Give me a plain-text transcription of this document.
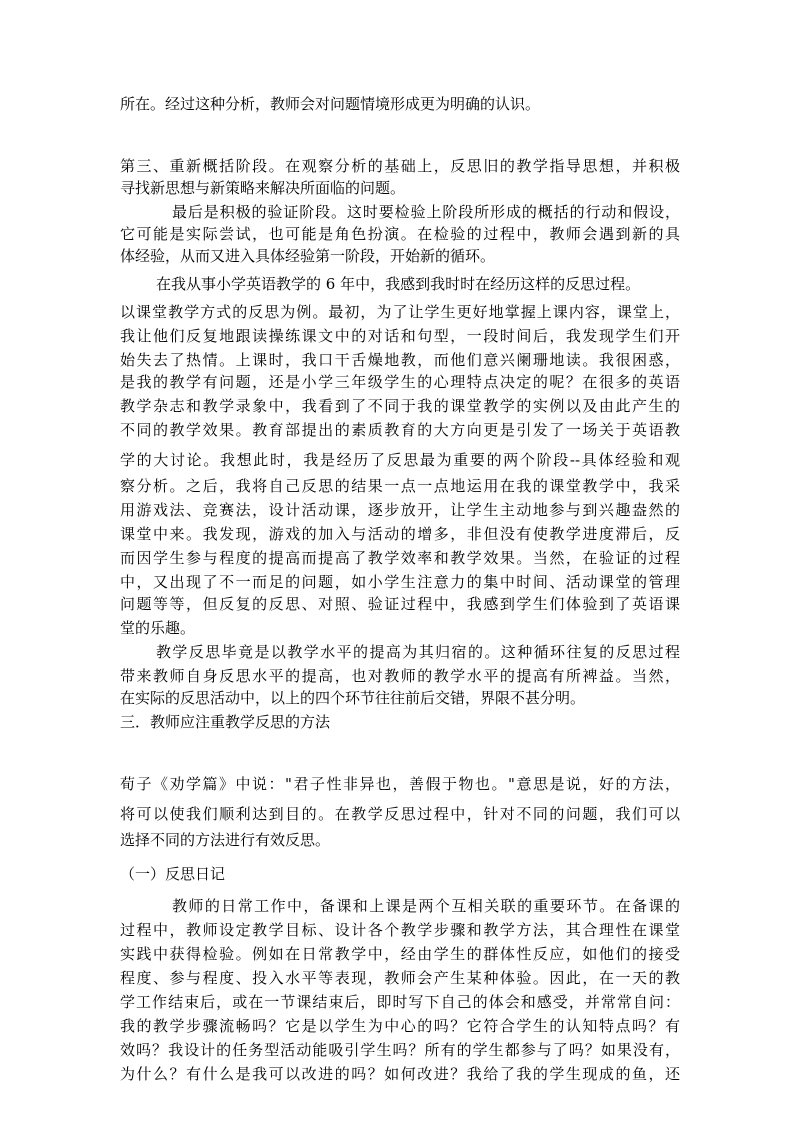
所在。经过这种分析，教师会对问题情境形成更为明确的认识。
第三、重新概括阶段。在观察分析的基础上，反思旧的教学指导思想，并积极
寻找新思想与新策略来解决所面临的问题。
最后是积极的验证阶段。这时要检验上阶段所形成的概括的行动和假设，
它可能是实际尝试，也可能是角色扮演。在检验的过程中，教师会遇到新的具
体经验，从而又进入具体经验第一阶段，开始新的循环。
在我从事小学英语教学的 6 年中，我感到我时时在经历这样的反思过程。
以课堂教学方式的反思为例。最初，为了让学生更好地掌握上课内容，课堂上，
我让他们反复地跟读操练课文中的对话和句型，一段时间后，我发现学生们开
始失去了热情。上课时，我口干舌燥地教，而他们意兴阑珊地读。我很困惑，
是我的教学有问题，还是小学三年级学生的心理特点决定的呢？在很多的英语
教学杂志和教学录象中，我看到了不同于我的课堂教学的实例以及由此产生的
不同的教学效果。教育部提出的素质教育的大方向更是引发了一场关于英语教
学的大讨论。我想此时，我是经历了反思最为重要的两个阶段--具体经验和观
察分析。之后，我将自己反思的结果一点一点地运用在我的课堂教学中，我采
用游戏法、竞赛法，设计活动课，逐步放开，让学生主动地参与到兴趣盎然的
课堂中来。我发现，游戏的加入与活动的增多，非但没有使教学进度滞后，反
而因学生参与程度的提高而提高了教学效率和教学效果。当然，在验证的过程
中，又出现了不一而足的问题，如小学生注意力的集中时间、活动课堂的管理
问题等等，但反复的反思、对照、验证过程中，我感到学生们体验到了英语课
堂的乐趣。
教学反思毕竟是以教学水平的提高为其归宿的。这种循环往复的反思过程
带来教师自身反思水平的提高，也对教师的教学水平的提高有所裨益。当然，
在实际的反思活动中，以上的四个环节往往前后交错，界限不甚分明。
三．教师应注重教学反思的方法
荀子《劝学篇》中说："君子性非异也，善假于物也。"意思是说，好的方法，
将可以使我们顺利达到目的。在教学反思过程中，针对不同的问题，我们可以
选择不同的方法进行有效反思。
（一）反思日记
教师的日常工作中，备课和上课是两个互相关联的重要环节。在备课的
过程中，教师设定教学目标、设计各个教学步骤和教学方法，其合理性在课堂
实践中获得检验。例如在日常教学中，经由学生的群体性反应，如他们的接受
程度、参与程度、投入水平等表现，教师会产生某种体验。因此，在一天的教
学工作结束后，或在一节课结束后，即时写下自己的体会和感受，并常常自问：
我的教学步骤流畅吗？它是以学生为中心的吗？它符合学生的认知特点吗？有
效吗？我设计的任务型活动能吸引学生吗？所有的学生都参与了吗？如果没有，
为什么？有什么是我可以改进的吗？如何改进？我给了我的学生现成的鱼，还
